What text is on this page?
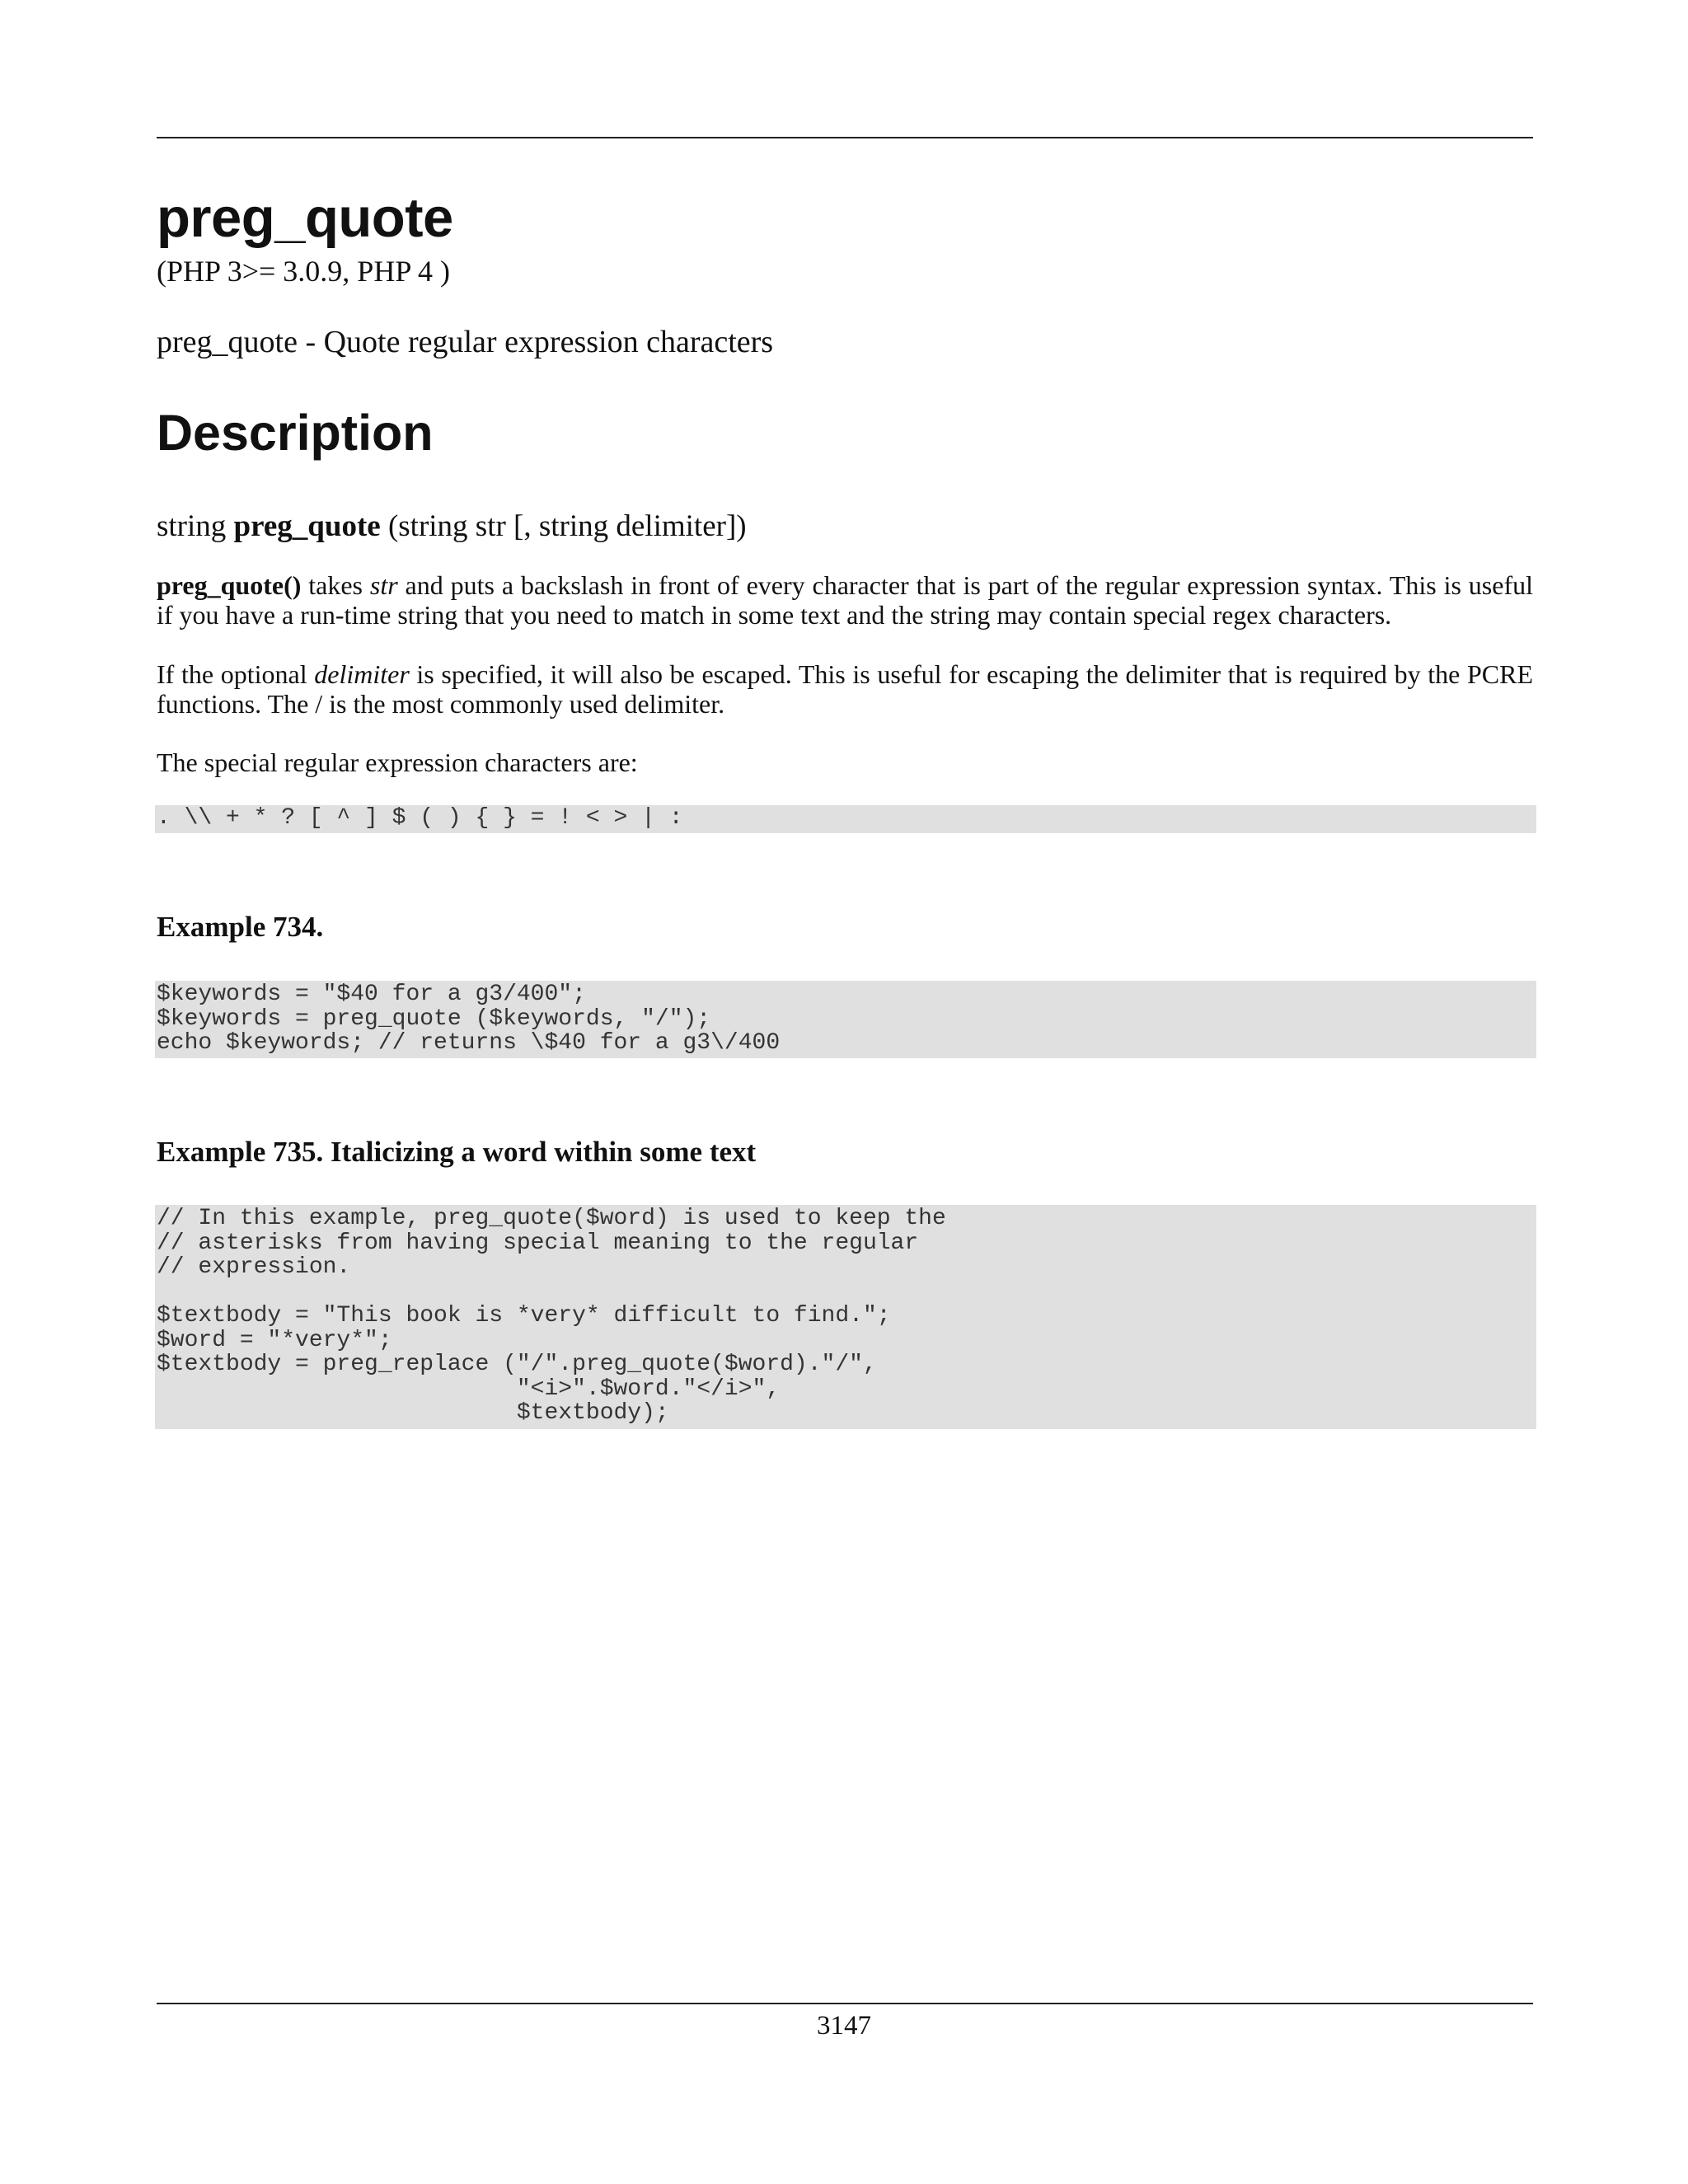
preg_quote
(PHP 3>= 3.0.9, PHP 4 )
preg_quote - Quote regular expression characters
Description
string preg_quote (string str [, string delimiter])

preg_quote() takes str and puts a backslash in front of every character that is part of the regular expression syntax. This is useful if you have a run-time string that you need to match in some text and the string may contain special regex characters.

If the optional delimiter is specified, it will also be escaped. This is useful for escaping the delimiter that is required by the PCRE functions. The / is the most commonly used delimiter.

The special regular expression characters are:

. \\ + * ? [ ^ ] $ ( ) { } = ! < > | :
Example 734.
$keywords = "$40 for a g3/400";
$keywords = preg_quote ($keywords, "/");
echo $keywords; // returns \$40 for a g3\/400
Example 735. Italicizing a word within some text
// In this example, preg_quote($word) is used to keep the
// asterisks from having special meaning to the regular
// expression.

$textbody = "This book is *very* difficult to find.";
$word = "*very*";
$textbody = preg_replace ("/".preg_quote($word)."/",
"<i>".$word."</i>",
$textbody);
3147
